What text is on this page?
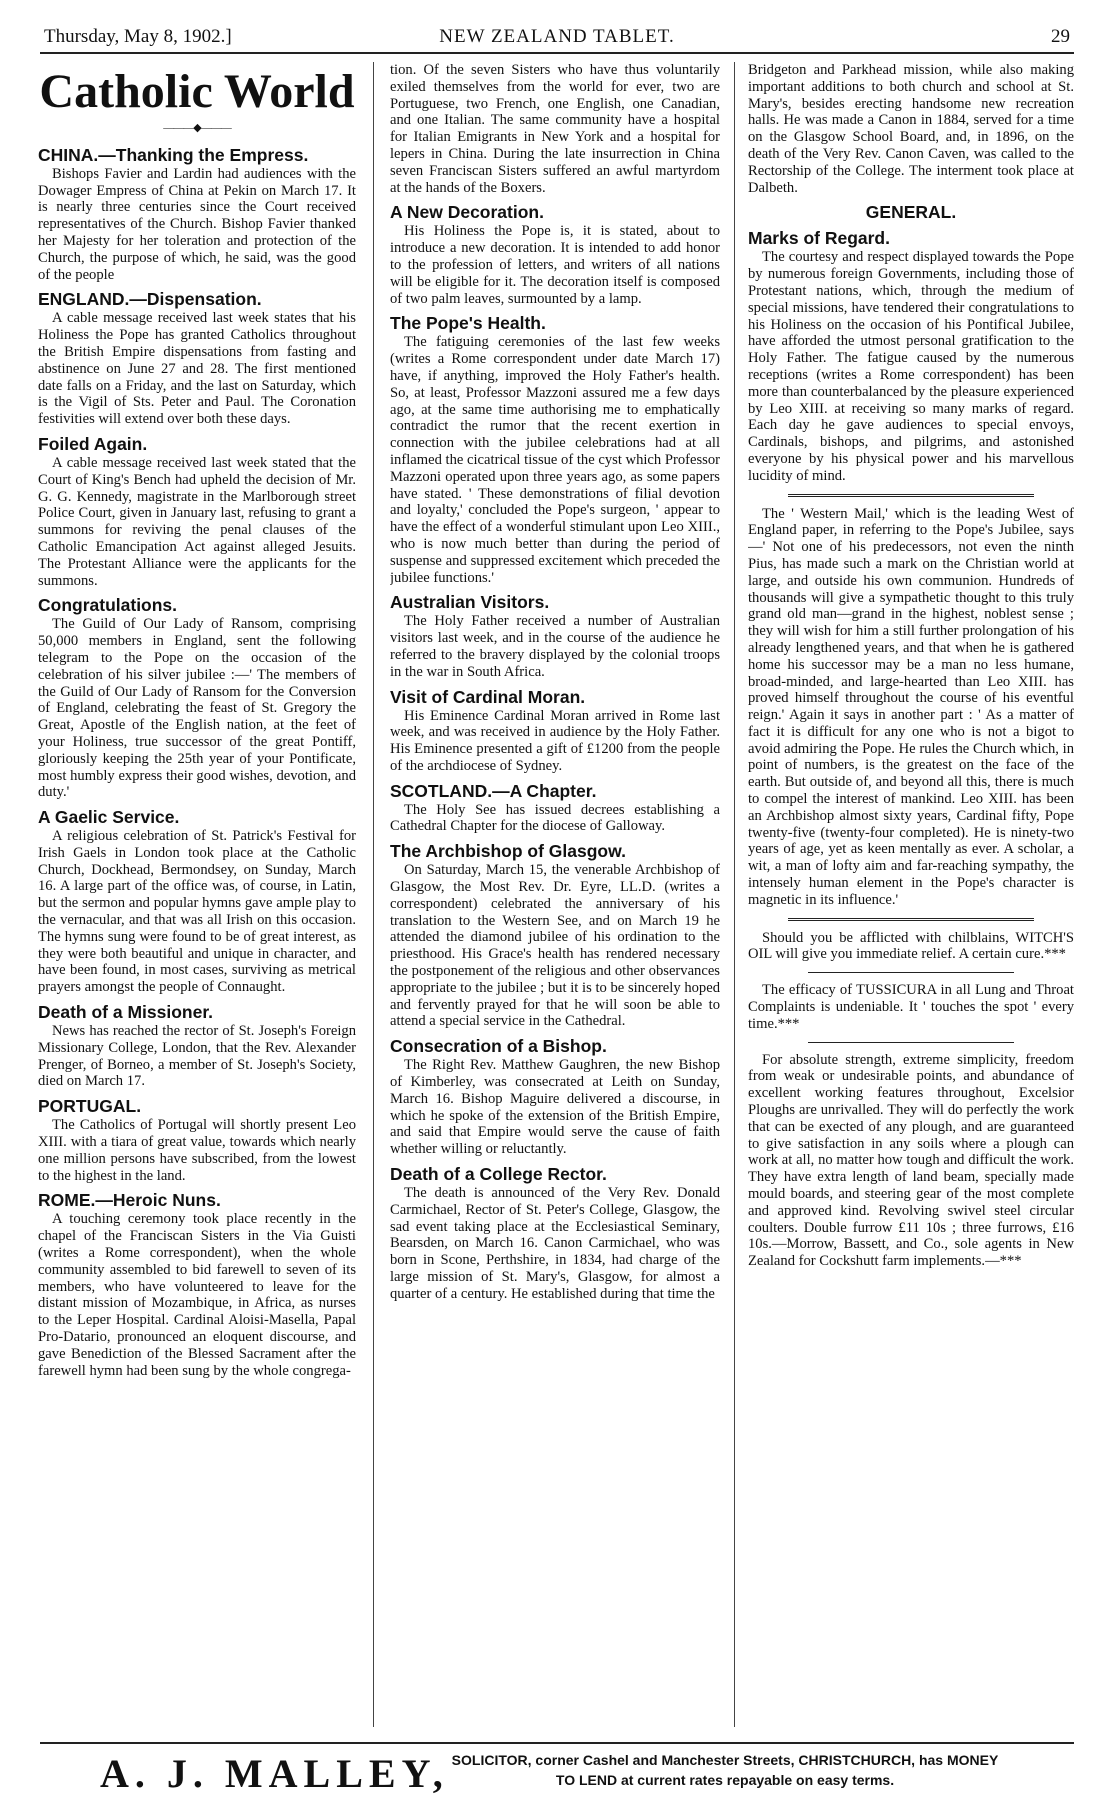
Thursday, May 8, 1902.]	NEW ZEALAND TABLET.	29
Catholic World
———◆———
CHINA.—Thanking the Empress.

Bishops Favier and Lardin had audiences with the Dowager Empress of China at Pekin on March 17. It is nearly three centuries since the Court received representatives of the Church. Bishop Favier thanked her Majesty for her toleration and protection of the Church, the purpose of which, he said, was the good of the people

ENGLAND.—Dispensation.

A cable message received last week states that his Holiness the Pope has granted Catholics throughout the British Empire dispensations from fasting and abstinence on June 27 and 28. The first mentioned date falls on a Friday, and the last on Saturday, which is the Vigil of Sts. Peter and Paul. The Coronation festivities will extend over both these days.

Foiled Again.

A cable message received last week stated that the Court of King's Bench had upheld the decision of Mr. G. G. Kennedy, magistrate in the Marlborough street Police Court, given in January last, refusing to grant a summons for reviving the penal clauses of the Catholic Emancipation Act against alleged Jesuits. The Protestant Alliance were the applicants for the summons.

Congratulations.

The Guild of Our Lady of Ransom, comprising 50,000 members in England, sent the following telegram to the Pope on the occasion of the celebration of his silver jubilee :—' The members of the Guild of Our Lady of Ransom for the Conversion of England, celebrating the feast of St. Gregory the Great, Apostle of the English nation, at the feet of your Holiness, true successor of the great Pontiff, gloriously keeping the 25th year of your Pontificate, most humbly express their good wishes, devotion, and duty.'

A Gaelic Service.

A religious celebration of St. Patrick's Festival for Irish Gaels in London took place at the Catholic Church, Dockhead, Bermondsey, on Sunday, March 16. A large part of the office was, of course, in Latin, but the sermon and popular hymns gave ample play to the vernacular, and that was all Irish on this occasion. The hymns sung were found to be of great interest, as they were both beautiful and unique in character, and have been found, in most cases, surviving as metrical prayers amongst the people of Connaught.

Death of a Missioner.

News has reached the rector of St. Joseph's Foreign Missionary College, London, that the Rev. Alexander Prenger, of Borneo, a member of St. Joseph's Society, died on March 17.

PORTUGAL.

The Catholics of Portugal will shortly present Leo XIII. with a tiara of great value, towards which nearly one million persons have subscribed, from the lowest to the highest in the land.

ROME.—Heroic Nuns.

A touching ceremony took place recently in the chapel of the Franciscan Sisters in the Via Guisti (writes a Rome correspondent), when the whole community assembled to bid farewell to seven of its members, who have volunteered to leave for the distant mission of Mozambique, in Africa, as nurses to the Leper Hospital. Cardinal Aloisi-Masella, Papal Pro-Datario, pronounced an eloquent discourse, and gave Benediction of the Blessed Sacrament after the farewell hymn had been sung by the whole congrega-

tion. Of the seven Sisters who have thus voluntarily exiled themselves from the world for ever, two are Portuguese, two French, one English, one Canadian, and one Italian. The same community have a hospital for Italian Emigrants in New York and a hospital for lepers in China. During the late insurrection in China seven Franciscan Sisters suffered an awful martyrdom at the hands of the Boxers.

A New Decoration.

His Holiness the Pope is, it is stated, about to introduce a new decoration. It is intended to add honor to the profession of letters, and writers of all nations will be eligible for it. The decoration itself is composed of two palm leaves, surmounted by a lamp.

The Pope's Health.

The fatiguing ceremonies of the last few weeks (writes a Rome correspondent under date March 17) have, if anything, improved the Holy Father's health. So, at least, Professor Mazzoni assured me a few days ago, at the same time authorising me to emphatically contradict the rumor that the recent exertion in connection with the jubilee celebrations had at all inflamed the cicatrical tissue of the cyst which Professor Mazzoni operated upon three years ago, as some papers have stated. ' These demonstrations of filial devotion and loyalty,' concluded the Pope's surgeon, ' appear to have the effect of a wonderful stimulant upon Leo XIII., who is now much better than during the period of suspense and suppressed excitement which preceded the jubilee functions.'

Australian Visitors.

The Holy Father received a number of Australian visitors last week, and in the course of the audience he referred to the bravery displayed by the colonial troops in the war in South Africa.

Visit of Cardinal Moran.

His Eminence Cardinal Moran arrived in Rome last week, and was received in audience by the Holy Father. His Eminence presented a gift of £1200 from the people of the archdiocese of Sydney.

SCOTLAND.—A Chapter.

The Holy See has issued decrees establishing a Cathedral Chapter for the diocese of Galloway.

The Archbishop of Glasgow.

On Saturday, March 15, the venerable Archbishop of Glasgow, the Most Rev. Dr. Eyre, LL.D. (writes a correspondent) celebrated the anniversary of his translation to the Western See, and on March 19 he attended the diamond jubilee of his ordination to the priesthood. His Grace's health has rendered necessary the postponement of the religious and other observances appropriate to the jubilee ; but it is to be sincerely hoped and fervently prayed for that he will soon be able to attend a special service in the Cathedral.

Consecration of a Bishop.

The Right Rev. Matthew Gaughren, the new Bishop of Kimberley, was consecrated at Leith on Sunday, March 16. Bishop Maguire delivered a discourse, in which he spoke of the extension of the British Empire, and said that Empire would serve the cause of faith whether willing or reluctantly.

Death of a College Rector.

The death is announced of the Very Rev. Donald Carmichael, Rector of St. Peter's College, Glasgow, the sad event taking place at the Ecclesiastical Seminary, Bearsden, on March 16. Canon Carmichael, who was born in Scone, Perthshire, in 1834, had charge of the large mission of St. Mary's, Glasgow, for almost a quarter of a century. He established during that time the

Bridgeton and Parkhead mission, while also making important additions to both church and school at St. Mary's, besides erecting handsome new recreation halls. He was made a Canon in 1884, served for a time on the Glasgow School Board, and, in 1896, on the death of the Very Rev. Canon Caven, was called to the Rectorship of the College. The interment took place at Dalbeth.

GENERAL.
Marks of Regard.

The courtesy and respect displayed towards the Pope by numerous foreign Governments, including those of Protestant nations, which, through the medium of special missions, have tendered their congratulations to his Holiness on the occasion of his Pontifical Jubilee, have afforded the utmost personal gratification to the Holy Father. The fatigue caused by the numerous receptions (writes a Rome correspondent) has been more than counterbalanced by the pleasure experienced by Leo XIII. at receiving so many marks of regard. Each day he gave audiences to special envoys, Cardinals, bishops, and pilgrims, and astonished everyone by his physical power and his marvellous lucidity of mind.

The ' Western Mail,' which is the leading West of England paper, in referring to the Pope's Jubilee, says —' Not one of his predecessors, not even the ninth Pius, has made such a mark on the Christian world at large, and outside his own communion. Hundreds of thousands will give a sympathetic thought to this truly grand old man—grand in the highest, noblest sense ; they will wish for him a still further prolongation of his already lengthened years, and that when he is gathered home his successor may be a man no less humane, broad-minded, and large-hearted than Leo XIII. has proved himself throughout the course of his eventful reign.' Again it says in another part : ' As a matter of fact it is difficult for any one who is not a bigot to avoid admiring the Pope. He rules the Church which, in point of numbers, is the greatest on the face of the earth. But outside of, and beyond all this, there is much to compel the interest of mankind. Leo XIII. has been an Archbishop almost sixty years, Cardinal fifty, Pope twenty-five (twenty-four completed). He is ninety-two years of age, yet as keen mentally as ever. A scholar, a wit, a man of lofty aim and far-reaching sympathy, the intensely human element in the Pope's character is magnetic in its influence.'

Should you be afflicted with chilblains, WITCH'S OIL will give you immediate relief. A certain cure.***

The efficacy of TUSSICURA in all Lung and Throat Complaints is undeniable. It ' touches the spot ' every time.***

For absolute strength, extreme simplicity, freedom from weak or undesirable points, and abundance of excellent working features throughout, Excelsior Ploughs are unrivalled. They will do perfectly the work that can be exected of any plough, and are guaranteed to give satisfaction in any soils where a plough can work at all, no matter how tough and difficult the work. They have extra length of land beam, specially made mould boards, and steering gear of the most complete and approved kind. Revolving swivel steel circular coulters. Double furrow £11 10s ; three furrows, £16 10s.—Morrow, Bassett, and Co., sole agents in New Zealand for Cockshutt farm implements.—***

A. J. MALLEY, SOLICITOR, corner Cashel and Manchester Streets, CHRISTCHURCH, has MONEY
TO LEND at current rates repayable on easy terms.
